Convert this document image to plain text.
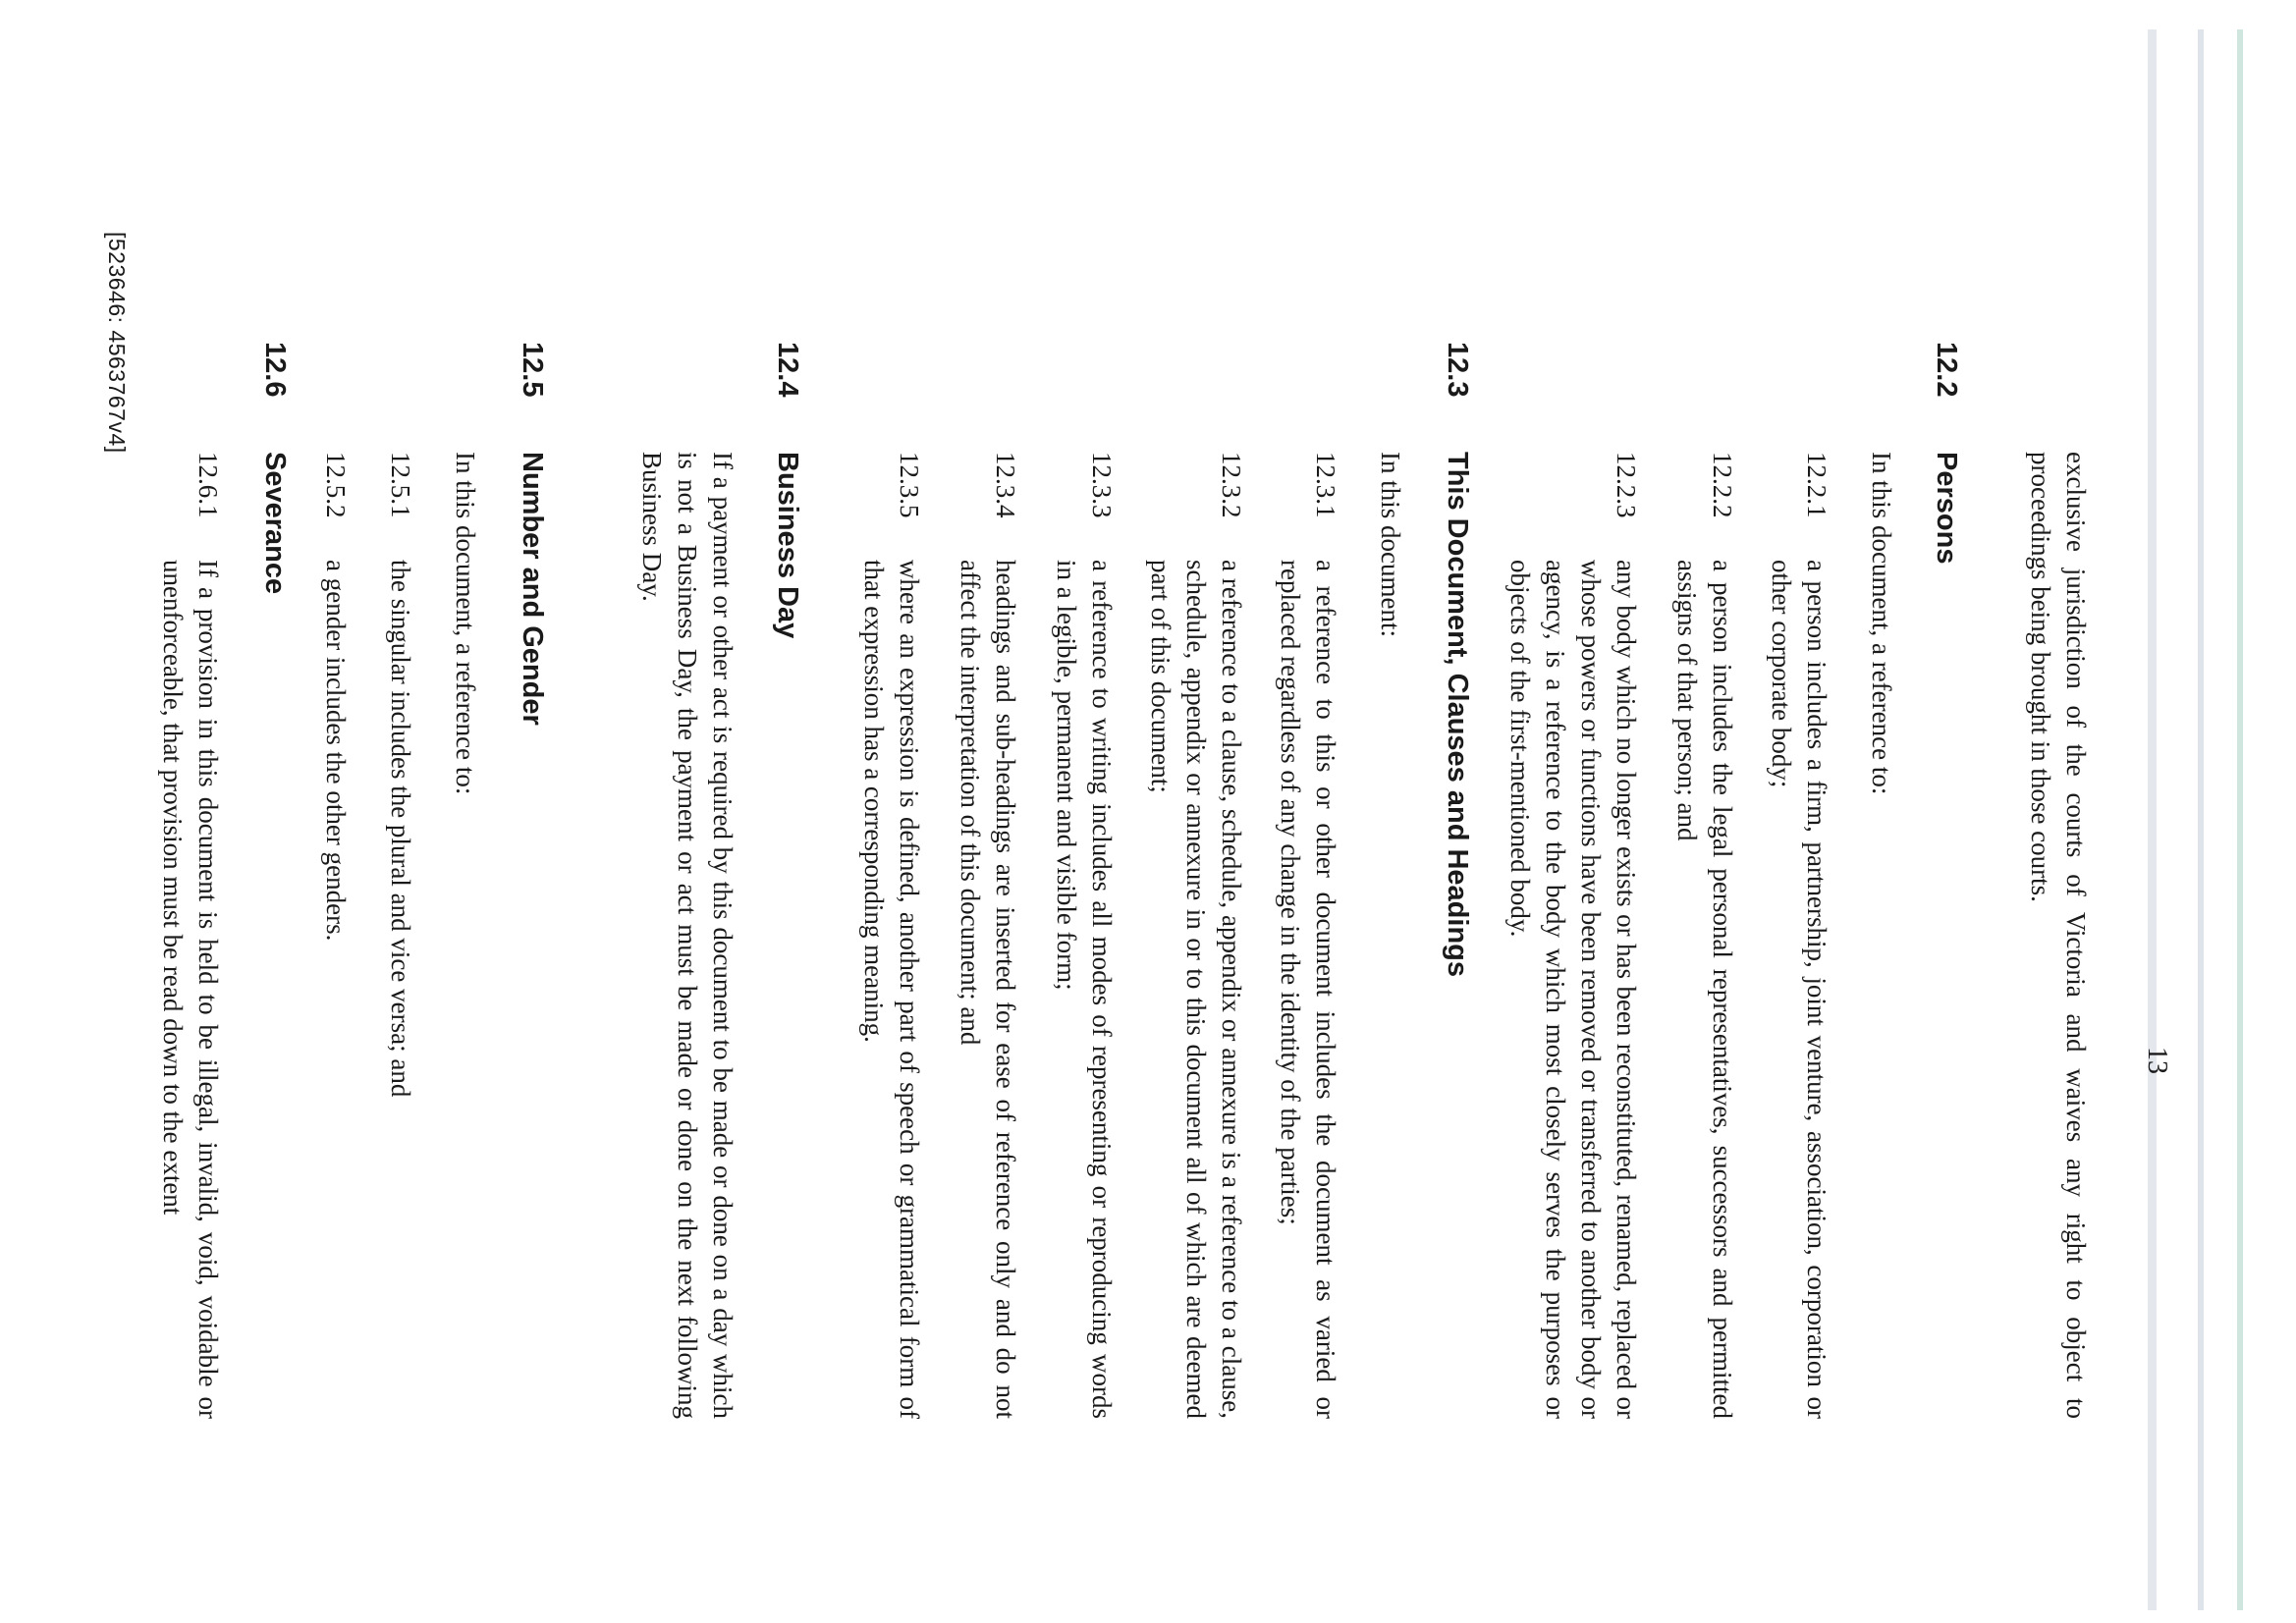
13
exclusive jurisdiction of the courts of Victoria and waives any right to object to proceedings being brought in those courts.
12.2
Persons
In this document, a reference to:
12.2.1
a person includes a firm, partnership, joint venture, association, corporation or other corporate body;
12.2.2
a person includes the legal personal representatives, successors and permitted assigns of that person; and
12.2.3
any body which no longer exists or has been reconstituted, renamed, replaced or whose powers or functions have been removed or transferred to another body or agency, is a reference to the body which most closely serves the purposes or objects of the first-mentioned body.
12.3
This Document, Clauses and Headings
In this document:
12.3.1
a reference to this or other document includes the document as varied or replaced regardless of any change in the identity of the parties;
12.3.2
a reference to a clause, schedule, appendix or annexure is a reference to a clause, schedule, appendix or annexure in or to this document all of which are deemed part of this document;
12.3.3
a reference to writing includes all modes of representing or reproducing words in a legible, permanent and visible form;
12.3.4
headings and sub-headings are inserted for ease of reference only and do not affect the interpretation of this document; and
12.3.5
where an expression is defined, another part of speech or grammatical form of that expression has a corresponding meaning.
12.4
Business Day
If a payment or other act is required by this document to be made or done on a day which is not a Business Day, the payment or act must be made or done on the next following Business Day.
12.5
Number and Gender
In this document, a reference to:
12.5.1
the singular includes the plural and vice versa; and
12.5.2
a gender includes the other genders.
12.6
Severance
12.6.1
If a provision in this document is held to be illegal, invalid, void, voidable or unenforceable, that provision must be read down to the extent
[523646: 4563767v4]
